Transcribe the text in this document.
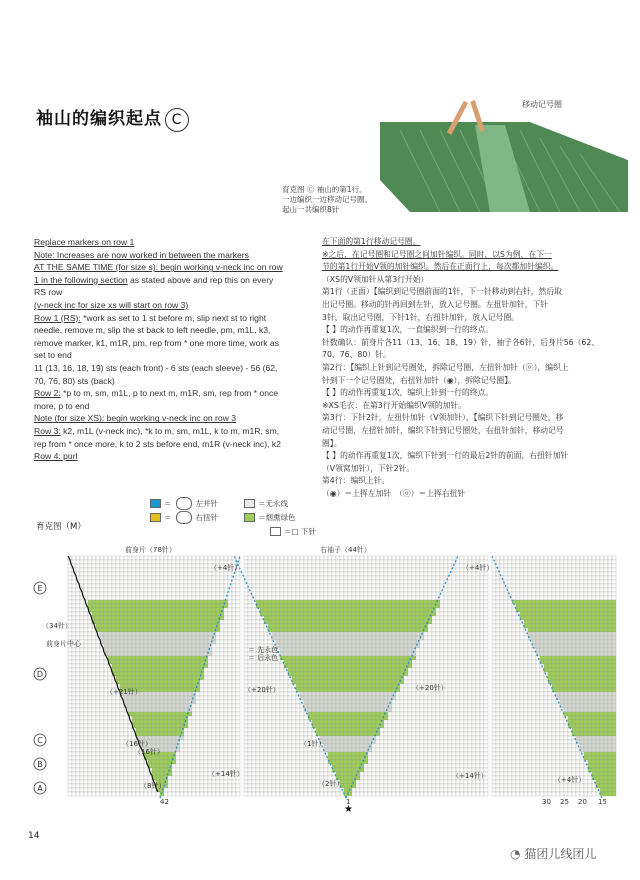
袖山的编织起点 C
移动记号圈
育克图 Ⓒ 袖山的第1行。
一边编织一边移动记号圈。
起山一共编织8针
Replace markers on row 1
Note: Increases are now worked in between the markers
AT THE SAME TIME (for size s): begin working v-neck inc on row
1 in the following section as stated above and rep this on every
RS row
(v-neck inc for size xs will start on row 3)
Row 1 (RS): *work as set to 1 st before m, slip next st to right
needle, remove m, slip the st back to left needle, pm, m1L, k3,
remove marker, k1, m1R, pm, rep from * one more time, work as
set to end
11 (13, 16, 18, 19) sts (each front) - 6 sts (each sleeve) - 56 (62,
70, 76, 80) sts (back)
Row 2: *p to m, sm, m1L, p to next m, m1R, sm, rep from * once
more, p to end
Note (for size XS): begin working v-neck inc on row 3
Row 3: k2, m1L (v-neck inc), *k to m, sm, m1L, k to m, m1R, sm,
rep from * once more, k to 2 sts before end, m1R (v-neck inc), k2
Row 4: purl
在下面的第1行移动记号圈。
※之后，在记号圈和记号圈之间加针编织。同时，以S为例，在下一
节的第1行开始V领的加针编织。然后在正面行上，每次都加针编织。
（XS的V领加针从第3行开始）
第1行（正面）【编织到记号圈前面的1针，下一针移动到右针，然后取
出记号圈。移动的针再回到左针，放入记号圈。左扭针加针，下针
3针，取出记号圈，下针1针，右扭针加针，放入记号圈。
【 】的动作再重复1次，一直编织到一行的终点。
针数确认：前身片各11（13、16、18、19）针，袖子各6针，后身片56（62、
70、76、80）针。
第2行：【编织上针到记号圈处，拆除记号圈，左扭针加针（ⓞ），编织上
针到下一个记号圈处，右扭针加针（◉），拆除记号圈】。
【 】的动作再重复1次，编织上针到一行的终点。
※XS毛衣：在第3行开始编织V领的加针。
第3行：下针2针，左扭针加针（V领加针），【编织下针到记号圈处，移
动记号圈，左扭针加针，编织下针到记号圈处，右扭针加针，移动记号
圈】。
【 】的动作再重复1次，编织下针到一行的最后2针的前面，右扭针加针
（V领窝加针），下针2针。
第4行：编织上针。
（◉）＝上挥左加针　（ⓞ）＝上挥右扭针
＝	左并针	＝无永线
＝	右扭针	＝烟熏绿色
＝□ 下针
育克图（M）
前身片（78针）	右袖子（44针）
前身片中心
（+4针）	（+4针）
（34针）
（+21针）
（16针）
（16针）
（+14针）
（8针）
（+20针）	（+20针）
（1针）
（2针）
（+14针）	（+4针）
＝ 先永色
＝ 后永色
42	1	30 25 20 15
E
D
C
B
A
★
14
◔ 猫团儿线团儿
